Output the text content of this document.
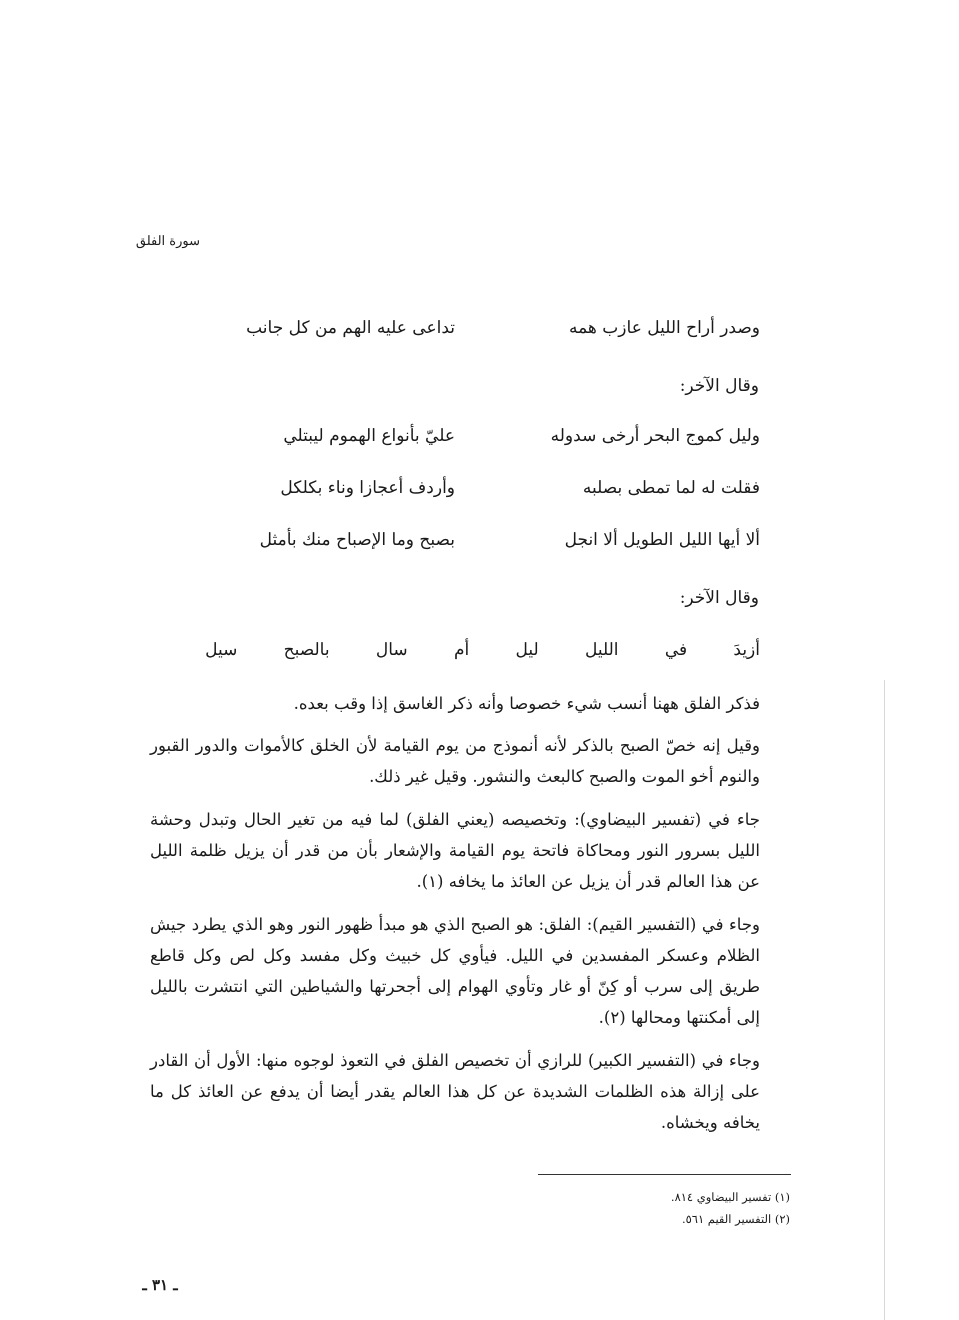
سورة الفلق
وصدر أراح الليل عازب همه
تداعى عليه الهم من كل جانب
وقال الآخر:
وليل كموج البحر أرخى سدوله
عليّ بأنواع الهموم ليبتلي
فقلت له لما تمطى بصلبه
وأردف أعجازا وناء بكلكل
ألا أيها الليل الطويل ألا انجل
بصبح وما الإصباح منك بأمثل
وقال الآخر:
أزيدَ
في
الليل
ليل
أم
سال
بالصبح
سيل
فذكر الفلق ههنا أنسب شيء خصوصا وأنه ذكر الغاسق إذا وقب بعده.
وقيل إنه خصّ الصبح بالذكر لأنه أنموذج من يوم القيامة لأن الخلق كالأموات والدور القبور والنوم أخو الموت والصبح كالبعث والنشور. وقيل غير ذلك.
جاء في (تفسير البيضاوي): وتخصيصه (يعني الفلق) لما فيه من تغير الحال وتبدل وحشة الليل بسرور النور ومحاكاة فاتحة يوم القيامة والإشعار بأن من قدر أن يزيل ظلمة الليل عن هذا العالم قدر أن يزيل عن العائذ ما يخافه (١).
وجاء في (التفسير القيم): الفلق: هو الصبح الذي هو مبدأ ظهور النور وهو الذي يطرد جيش الظلام وعسكر المفسدين في الليل. فيأوي كل خبيث وكل مفسد وكل لص وكل قاطع طريق إلى سرب أو كِنّ أو غار وتأوي الهوام إلى أجحرتها والشياطين التي انتشرت بالليل إلى أمكنتها ومحالها (٢).
وجاء في (التفسير الكبير) للرازي أن تخصيص الفلق في التعوذ لوجوه منها: الأول أن القادر على إزالة هذه الظلمات الشديدة عن كل هذا العالم يقدر أيضا أن يدفع عن العائذ كل ما يخافه ويخشاه.
(١) تفسير البيضاوي ٨١٤.
(٢) التفسير القيم ٥٦١.
ـ ٣١ ـ
